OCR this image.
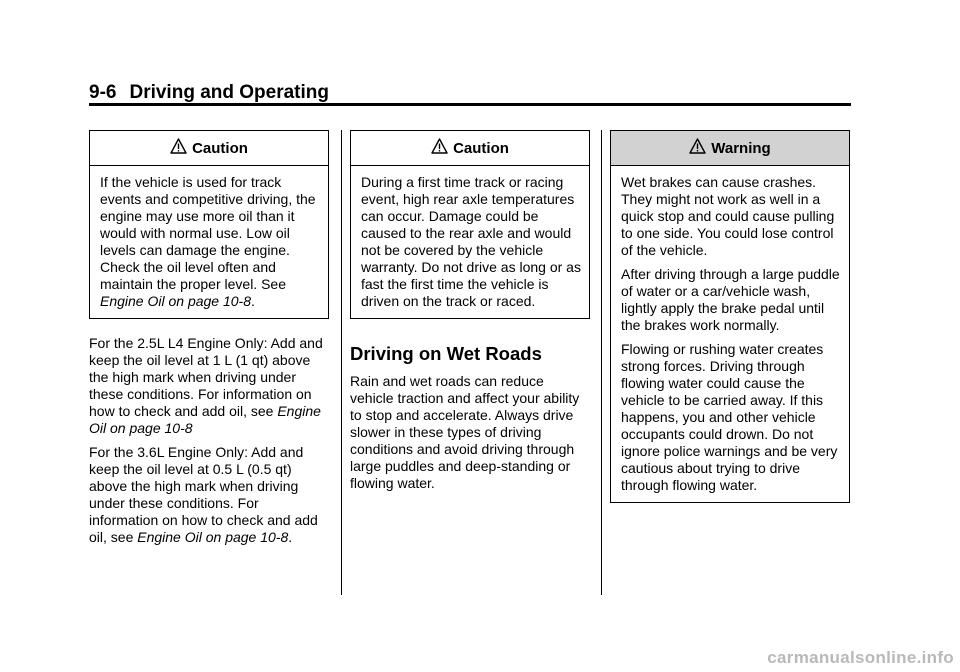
9-6 Driving and Operating
Caution

If the vehicle is used for track events and competitive driving, the engine may use more oil than it would with normal use. Low oil levels can damage the engine. Check the oil level often and maintain the proper level. See Engine Oil on page 10-8.

For the 2.5L L4 Engine Only: Add and keep the oil level at 1 L (1 qt) above the high mark when driving under these conditions. For information on how to check and add oil, see Engine Oil on page 10-8

For the 3.6L Engine Only: Add and keep the oil level at 0.5 L (0.5 qt) above the high mark when driving under these conditions. For information on how to check and add oil, see Engine Oil on page 10-8.

Caution

During a first time track or racing event, high rear axle temperatures can occur. Damage could be caused to the rear axle and would not be covered by the vehicle warranty. Do not drive as long or as fast the first time the vehicle is driven on the track or raced.

Driving on Wet Roads

Rain and wet roads can reduce vehicle traction and affect your ability to stop and accelerate. Always drive slower in these types of driving conditions and avoid driving through large puddles and deep-standing or flowing water.

Warning

Wet brakes can cause crashes. They might not work as well in a quick stop and could cause pulling to one side. You could lose control of the vehicle.

After driving through a large puddle of water or a car/vehicle wash, lightly apply the brake pedal until the brakes work normally.

Flowing or rushing water creates strong forces. Driving through flowing water could cause the vehicle to be carried away. If this happens, you and other vehicle occupants could drown. Do not ignore police warnings and be very cautious about trying to drive through flowing water.

carmanualsonline.info
